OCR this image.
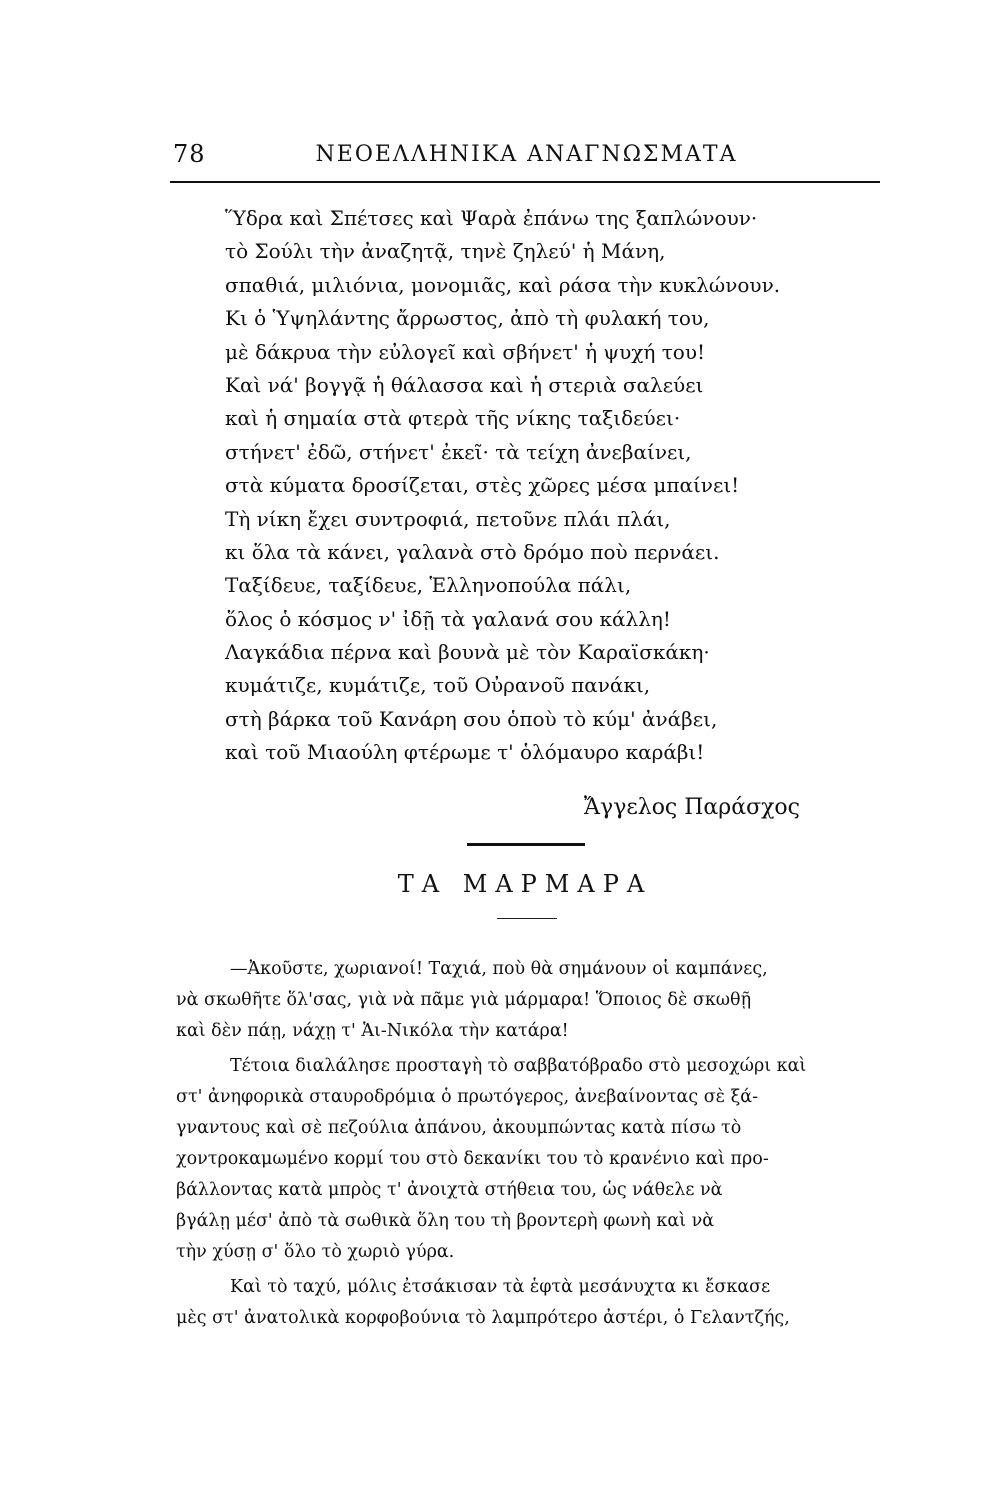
78	ΝΕΟΕΛΛΗΝΙΚΑ ΑΝΑΓΝΩΣΜΑΤΑ
Ὕδρα καὶ Σπέτσες καὶ Ψαρὰ ἐπάνω της ξαπλώνουν·
τὸ Σούλι τὴν ἀναζητᾷ, τηνὲ ζηλεύ' ἡ Μάνη,
σπαθιά, μιλιόνια, μονομιᾶς, καὶ ράσα τὴν κυκλώνουν.
Κι ὁ Ὑψηλάντης ἄρρωστος, ἀπὸ τὴ φυλακή του,
μὲ δάκρυα τὴν εὐλογεῖ καὶ σβήνετ' ἡ ψυχή του!
Καὶ νά' βογγᾷ ἡ θάλασσα καὶ ἡ στεριὰ σαλεύει
καὶ ἡ σημαία στὰ φτερὰ τῆς νίκης ταξιδεύει·
στήνετ' ἐδῶ, στήνετ' ἐκεῖ· τὰ τείχη ἀνεβαίνει,
στὰ κύματα δροσίζεται, στὲς χῶρες μέσα μπαίνει!
Τὴ νίκη ἔχει συντροφιά, πετοῦνε πλάι πλάι,
κι ὅλα τὰ κάνει, γαλανὰ στὸ δρόμο ποὺ περνάει.
Ταξίδευε, ταξίδευε, Ἑλληνοπούλα πάλι,
ὅλος ὁ κόσμος ν' ἰδῇ τὰ γαλανά σου κάλλη!
Λαγκάδια πέρνα καὶ βουνὰ μὲ τὸν Καραϊσκάκη·
κυμάτιζε, κυμάτιζε, τοῦ Οὐρανοῦ πανάκι,
στὴ βάρκα τοῦ Κανάρη σου ὁποὺ τὸ κύμ' ἀνάβει,
καὶ τοῦ Μιαούλη φτέρωμε τ' ὁλόμαυρο καράβι!
Ἄγγελος Παράσχος
ΤΑ ΜΑΡΜΑΡΑ
—Ἀκοῦστε, χωριανοί! Ταχιά, ποὺ θὰ σημάνουν οἱ καμπάνες,
νὰ σκωθῆτε ὅλ'σας, γιὰ νὰ πᾶμε γιὰ μάρμαρα! Ὅποιος δὲ σκωθῇ
καὶ δὲν πάῃ, νάχῃ τ' Ἁι-Νικόλα τὴν κατάρα!
Τέτοια διαλάλησε προσταγὴ τὸ σαββατόβραδο στὸ μεσοχώρι καὶ
στ' ἀνηφορικὰ σταυροδρόμια ὁ πρωτόγερος, ἀνεβαίνοντας σὲ ξά-
γναντους καὶ σὲ πεζούλια ἀπάνου, ἀκουμπώντας κατὰ πίσω τὸ
χοντροκαμωμένο κορμί του στὸ δεκανίκι του τὸ κρανένιο καὶ προ-
βάλλοντας κατὰ μπρὸς τ' ἀνοιχτὰ στήθεια του, ὡς νάθελε νὰ
βγάλῃ μέσ' ἀπὸ τὰ σωθικὰ ὅλη του τὴ βροντερὴ φωνὴ καὶ νὰ
τὴν χύσῃ σ' ὅλο τὸ χωριὸ γύρα.
Καὶ τὸ ταχύ, μόλις ἐτσάκισαν τὰ ἑφτὰ μεσάνυχτα κι ἔσκασε
μὲς στ' ἀνατολικὰ κορφοβούνια τὸ λαμπρότερο ἀστέρι, ὁ Γελαντζής,
